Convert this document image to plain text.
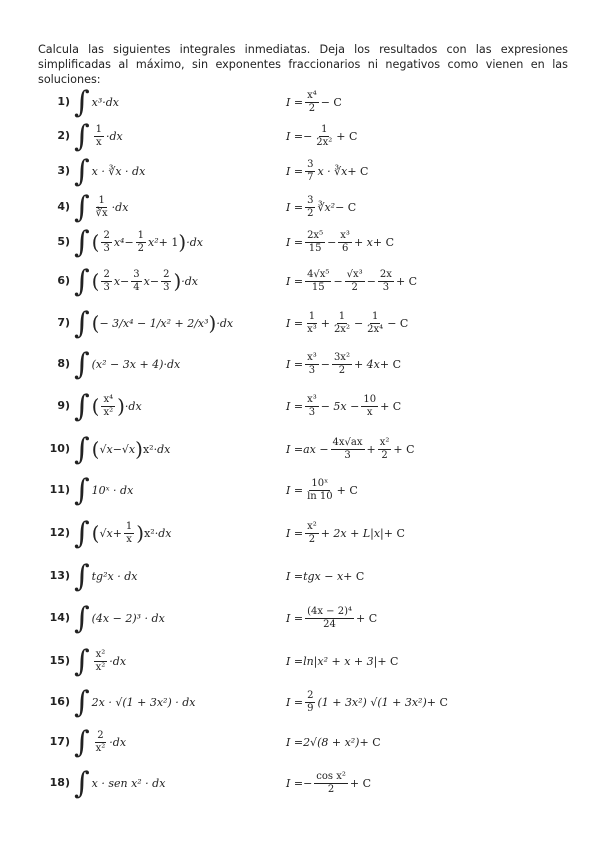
Calcula las siguientes integrales inmediatas. Deja los resultados con las expresiones simplificadas al máximo, sin exponentes fraccionarios ni negativos como vienen en las soluciones:
1) ∫ x³ ·dx	$I = \frac{\text{x⁴}}{2} - C$
2) ∫ $\frac{1}{x} \cdot dx$	I = − $\frac{1}{\text{2x²}} + C$
3) ∫ x · ∛x · dx	$I = \frac{3}{7}$ x · ∛x + C
4) ∫ $\frac{1}{∛x} \cdot dx$	$I = \frac{3}{2}$ ∛x² − C
5) ∫ ( $\frac{2}{3} x^4 - \frac{1}{2} x^2 + 1$ ) ·dx	$I = \frac{\text{2x⁵}}{15} - \frac{\text{x³}}{6} + x + C$
6) ∫ ( $\frac{2}{3}$ $x - \frac{3}{4}$ $x - \frac{2}{3}$ ) ·dx	$I = \frac{\text{4√x⁵}}{15} - \frac{\text{√x³}}{2} - \frac{2x}{3} + C$
7) ∫ ( − 3/x⁴ − 1/x² + 2/x³ ) ·dx	$I = \frac{1}{\text{x³}} + \frac{1}{\text{2x²}} - \frac{1}{\text{2x⁴}} - C$
8) ∫ (x² − 3x + 4)·dx	$I = \frac{\text{x³}}{3} - \frac{\text{3x²}}{2} + 4x + C$
9) ∫ ( $\frac{\text{x⁴}}{\text{x²}}$ ) ·dx	$I = \frac{\text{x³}}{3} - 5x - \frac{10}{x} + C$
10) ∫ ( √ x − √ x ) x² ·dx	I = ax − $\frac{4x√ax}{3} + \frac{\text{x²}}{2} + C$
11) ∫ 10ˣ · dx	$I = \frac{\text{10ˣ}}{\ln 10} + C$
12) ∫ ( √ $x + \frac{1}{x}$ ) x² ·dx	$I = \frac{\text{x²}}{2} + 2x + L|x| + C$
13) ∫ tg²x · dx	I = tgx − x + C
14) ∫ (4x − 2)³ · dx	$I = \frac{\text{(4x − 2)⁴}}{24} + C$
15) ∫ $\frac{\text{x²}}{\text{x²}} \cdot dx$	I = ln|x² + x + 3| + C
16) ∫ 2x · √(1 + 3x²) · dx	$I = \frac{2}{9} (1 + 3x^2) √(1 + 3x^2) + C$
17) ∫ $\frac{2}{\text{x²}} \cdot dx$	I = 2√(8 + x²) + C
18) ∫ x · sen x² · dx	I = − $\frac{\text{cos x²}}{2} + C$
